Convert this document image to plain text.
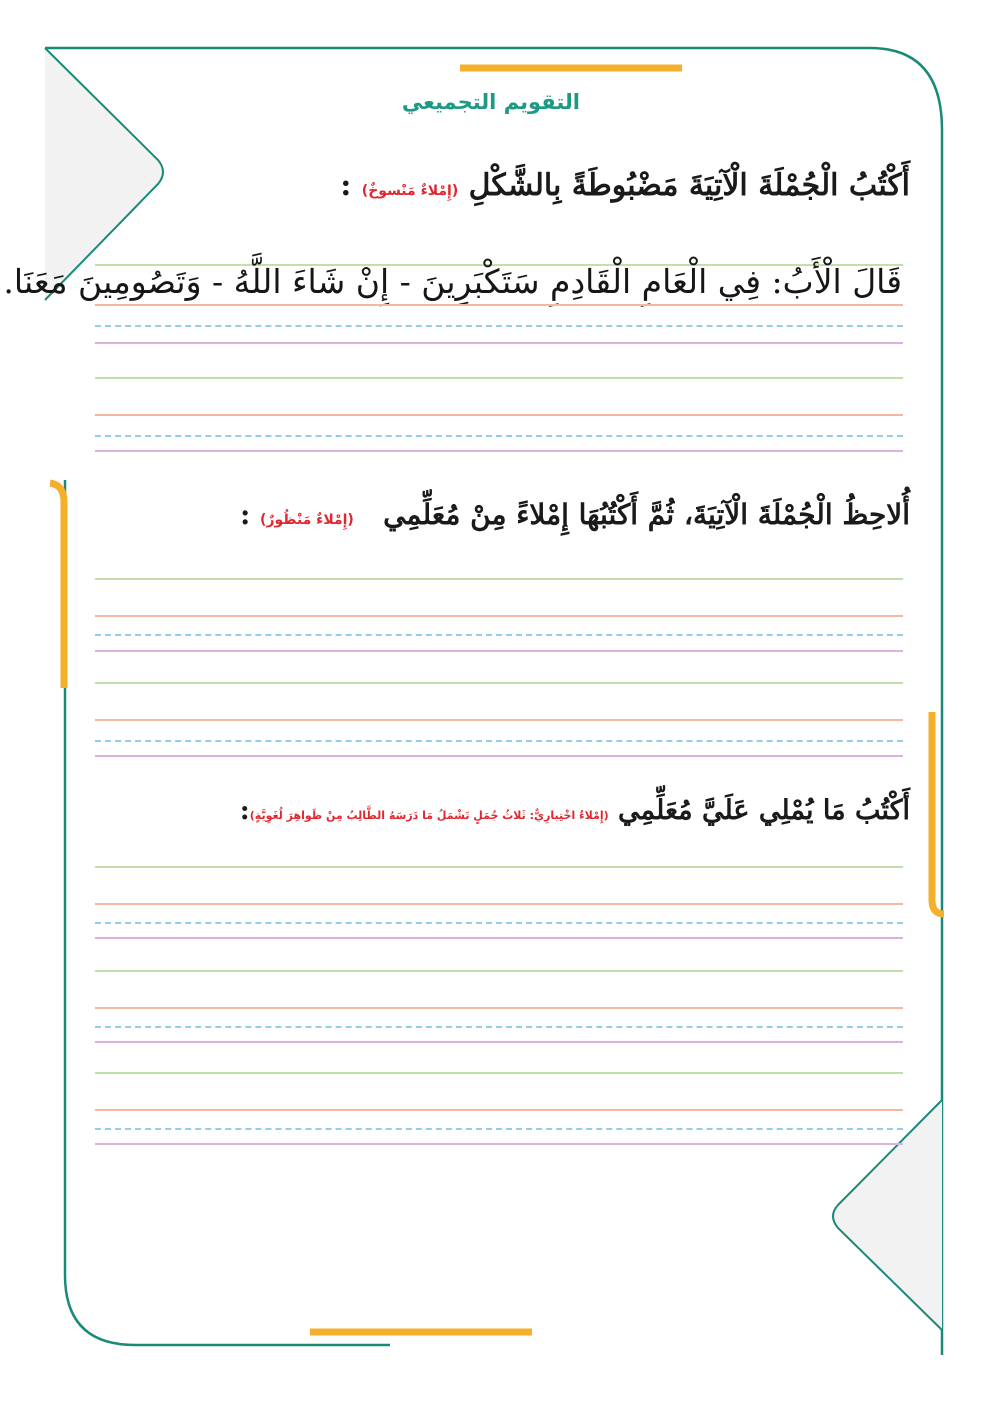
التقويم التجميعي
أَكْتُبُ الْجُمْلَةَ الْآتِيَةَ مَضْبُوطَةً بِالشَّكْلِ (إِمْلاءٌ مَنْسوخٌ) :
قَالَ الْأَبُ: فِي الْعَامِ الْقَادِمِ سَتَكْبَرِينَ - إِنْ شَاءَ اللَّهُ - وَتَصُومِينَ مَعَنَا.
أُلاحِظُ الْجُمْلَةَ الْآتِيَةَ، ثُمَّ أَكْتُبُهَا إِمْلاءً مِنْ مُعَلِّمِي   (إِمْلاءٌ مَنْظُورٌ) :
أَكْتُبُ مَا يُمْلِي عَلَيَّ مُعَلِّمِي (إِمْلاءٌ اخْتِبارِيٌّ: ثَلاثُ جُمَلٍ تَشْمَلُ مَا دَرَسَهُ الطَّالِبُ مِنْ ظَواهِرَ لُغَوِيَّةٍ):
